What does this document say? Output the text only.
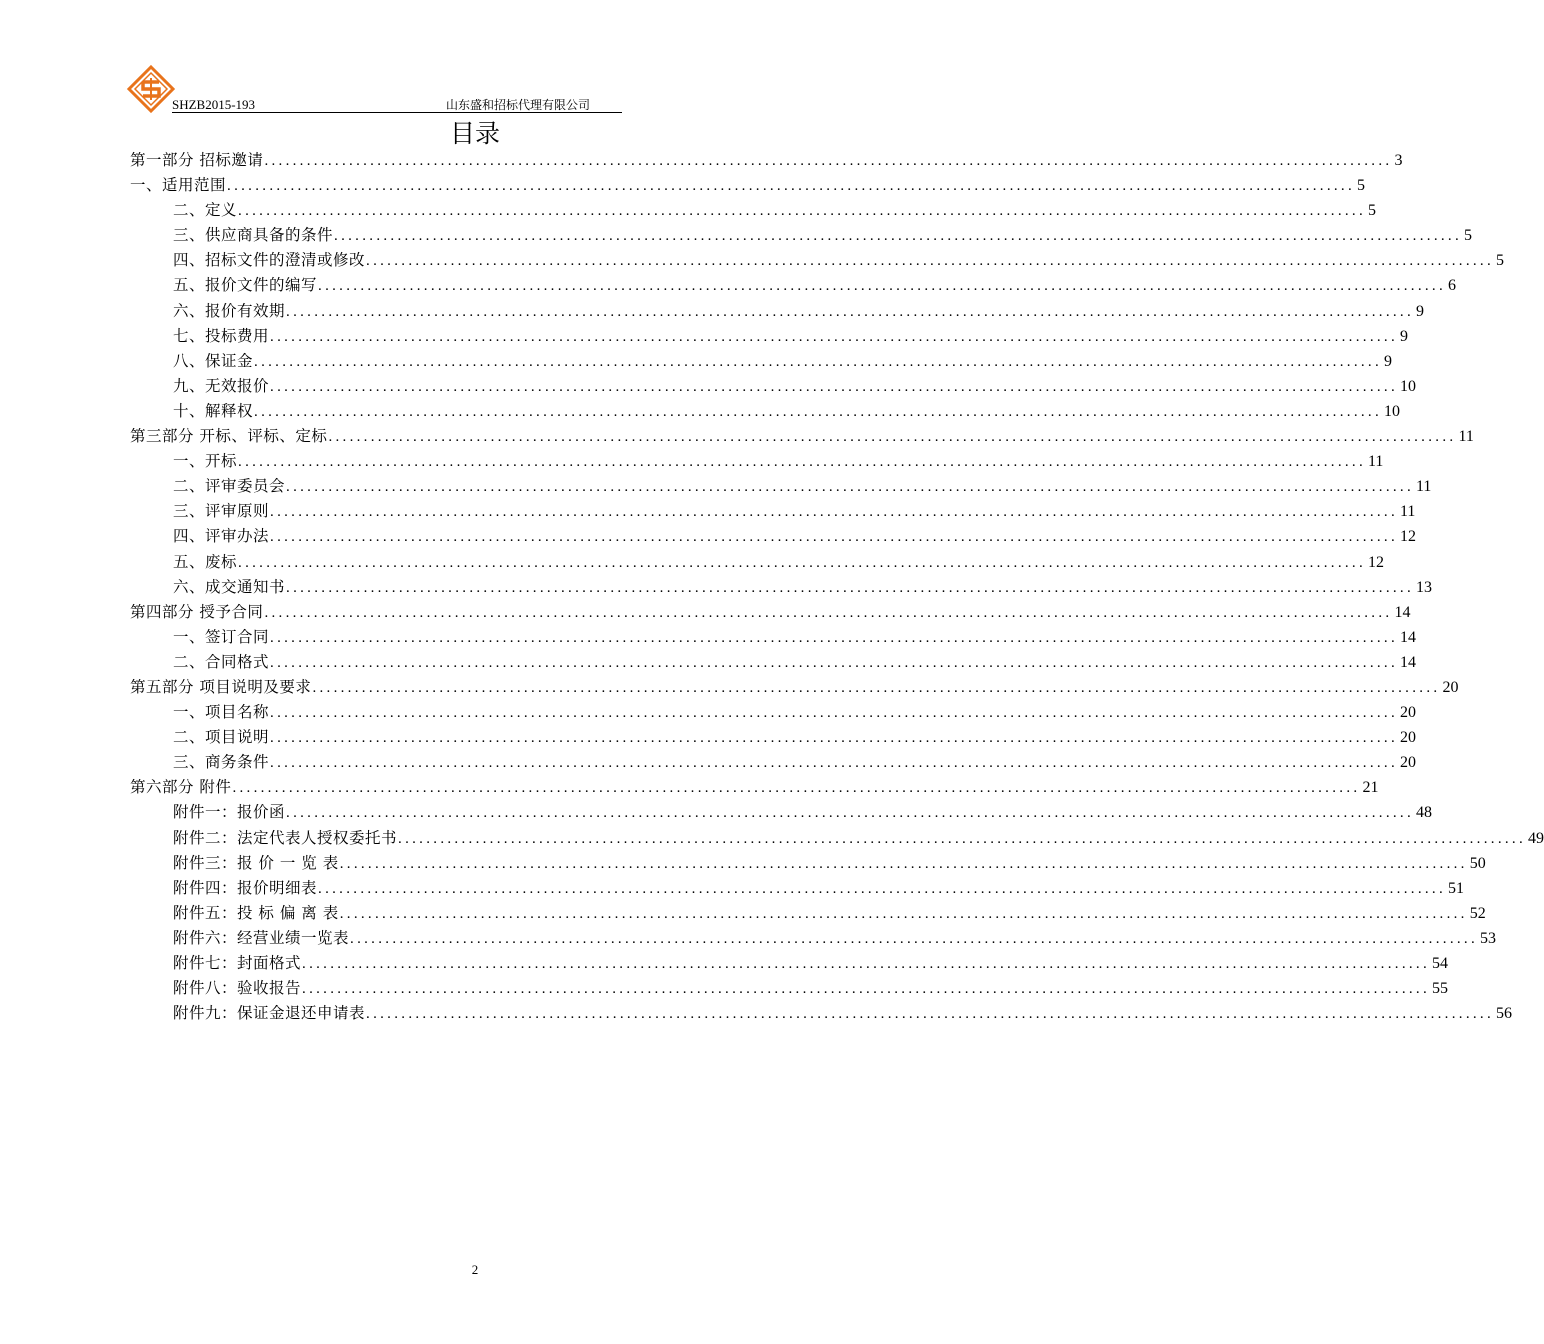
SHZB2015-193	山东盛和招标代理有限公司
目录
第一部分 招标邀请 ................................................................................................................................................................ 3
一、适用范围 ................................................................................................................................................................ 5
二、定义 ................................................................................................................................................................ 5
三、供应商具备的条件 ................................................................................................................................................................ 5
四、招标文件的澄清或修改 ................................................................................................................................................................ 5
五、报价文件的编写 ................................................................................................................................................................ 6
六、报价有效期 ................................................................................................................................................................ 9
七、投标费用 ................................................................................................................................................................ 9
八、保证金 ................................................................................................................................................................ 9
九、无效报价 ................................................................................................................................................................ 10
十、解释权 ................................................................................................................................................................ 10
第三部分 开标、评标、定标 ................................................................................................................................................................ 11
一、开标 ................................................................................................................................................................ 11
二、评审委员会 ................................................................................................................................................................ 11
三、评审原则 ................................................................................................................................................................ 11
四、评审办法 ................................................................................................................................................................ 12
五、废标 ................................................................................................................................................................ 12
六、成交通知书 ................................................................................................................................................................ 13
第四部分 授予合同 ................................................................................................................................................................ 14
一、签订合同 ................................................................................................................................................................ 14
二、合同格式 ................................................................................................................................................................ 14
第五部分 项目说明及要求 ................................................................................................................................................................ 20
一、项目名称 ................................................................................................................................................................ 20
二、项目说明 ................................................................................................................................................................ 20
三、商务条件 ................................................................................................................................................................ 20
第六部分 附件 ................................................................................................................................................................ 21
附件一：报价函 ................................................................................................................................................................ 48
附件二：法定代表人授权委托书 ................................................................................................................................................................ 49
附件三：报 价 一 览 表 ................................................................................................................................................................ 50
附件四：报价明细表 ................................................................................................................................................................ 51
附件五：投 标 偏 离 表 ................................................................................................................................................................ 52
附件六：经营业绩一览表 ................................................................................................................................................................ 53
附件七：封面格式 ................................................................................................................................................................ 54
附件八：验收报告 ................................................................................................................................................................ 55
附件九：保证金退还申请表 ................................................................................................................................................................ 56
2
